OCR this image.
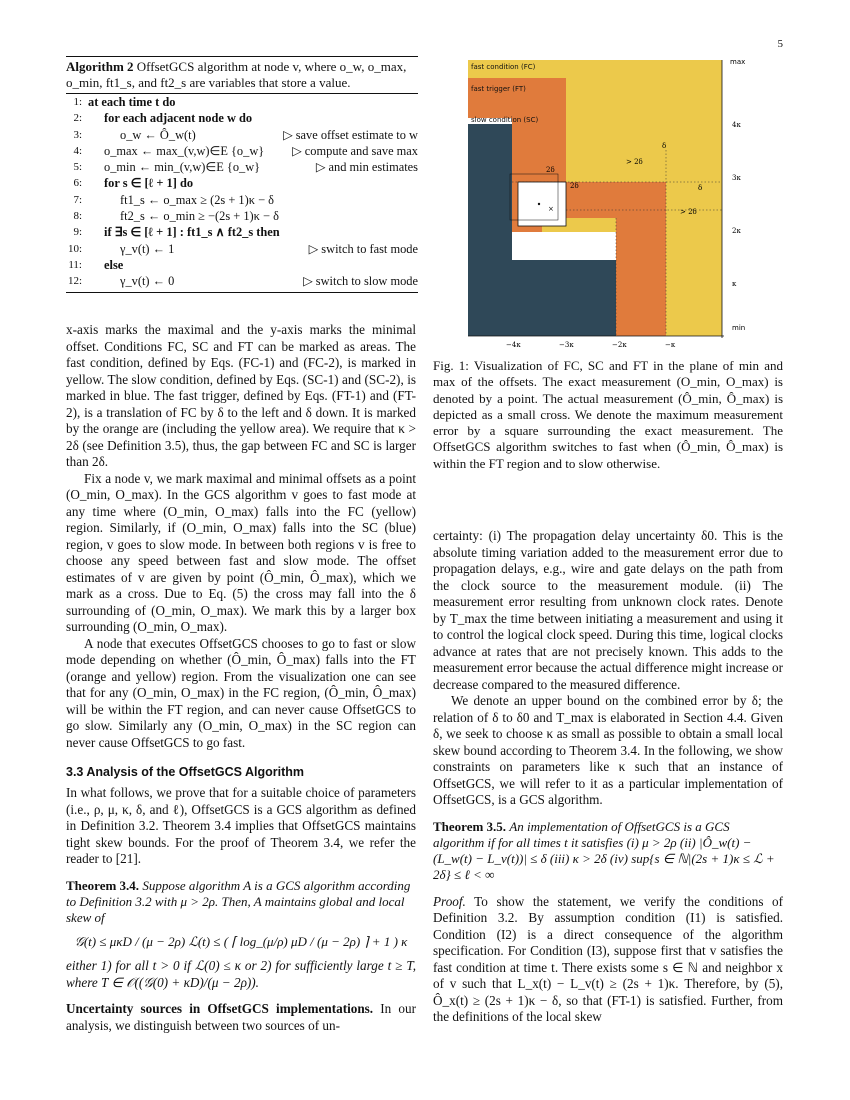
5
Algorithm 2 OffsetGCS algorithm at node v, where o_w, o_max, o_min, ft1_s, and ft2_s are variables that store a value.
1: at each time t do
2: for each adjacent node w do
3:	o_w ← Ô_w(t)	▷ save offset estimate to w
4: o_max ← max_(v,w)∈E {o_w} ▷ compute and save max
5: o_min ← min_(v,w)∈E {o_w}	▷ and min estimates
6: for s ∈ [ℓ + 1] do
7:	ft1_s ← o_max ≥ (2s + 1)κ − δ
8:	ft2_s ← o_min ≥ −(2s + 1)κ − δ
9: if ∃s ∈ [ℓ + 1] : ft1_s ∧ ft2_s then
10:	γ_v(t) ← 1	▷ switch to fast mode
11: else
12:	γ_v(t) ← 0	▷ switch to slow mode

x-axis marks the maximal and the y-axis marks the minimal offset. Conditions FC, SC and FT can be marked as areas. The fast condition, defined by Eqs. (FC-1) and (FC-2), is marked in yellow. The slow condition, defined by Eqs. (SC-1) and (SC-2), is marked in blue. The fast trigger, defined by Eqs. (FT-1) and (FT-2), is a translation of FC by δ to the left and δ down. It is marked by the orange are (including the yellow area). We require that κ > 2δ (see Definition 3.5), thus, the gap between FC and SC is larger than 2δ.

Fix a node v, we mark maximal and minimal offsets as a point (O_min, O_max). In the GCS algorithm v goes to fast mode at any time where (O_min, O_max) falls into the FC (yellow) region. Similarly, if (O_min, O_max) falls into the SC (blue) region, v goes to slow mode. In between both regions v is free to choose any speed between fast and slow mode. The offset estimates of v are given by point (Ô_min, Ô_max), which we mark as a cross. Due to Eq. (5) the cross may fall into the δ surrounding of (O_min, O_max). We mark this by a larger box surrounding (O_min, O_max).

A node that executes OffsetGCS chooses to go to fast or slow mode depending on whether (Ô_min, Ô_max) falls into the FT (orange and yellow) region. From the visualization one can see that for any (O_min, O_max) in the FC region, (Ô_min, Ô_max) will be within the FT region, and can never cause OffsetGCS to go slow. Similarly any (O_min, O_max) in the SC region can never cause OffsetGCS to go fast.

3.3 Analysis of the OffsetGCS Algorithm

In what follows, we prove that for a suitable choice of parameters (i.e., ρ, μ, κ, δ, and ℓ), OffsetGCS is a GCS algorithm as defined in Definition 3.2. Theorem 3.4 implies that OffsetGCS maintains tight skew bounds. For the proof of Theorem 3.4, we refer the reader to [21].

Theorem 3.4. Suppose algorithm A is a GCS algorithm according to Definition 3.2 with μ > 2ρ. Then, A maintains global and local skew of
𝒢(t) ≤ μκD / (μ − 2ρ) ℒ(t) ≤ ( ⌈ log_(μ/ρ) μD / (μ − 2ρ) ⌉ + 1 ) κ

either 1) for all t > 0 if ℒ(0) ≤ κ or 2) for sufficiently large t ≥ T, where T ∈ 𝒪((𝒢(0) + κD)/(μ − 2ρ)).

Uncertainty sources in OffsetGCS implementations. In our analysis, we distinguish between two sources of un-

×
fast condition (FC)
fast trigger (FT)
slow condition (SC)
max
min
4κ
3κ
2κ
κ
−4κ	−3κ	−2κ	−κ
δ
δ
2δ
2δ
> 2δ
> 2δ
Fig. 1: Visualization of FC, SC and FT in the plane of min and max of the offsets. The exact measurement (O_min, O_max) is denoted by a point. The actual measurement (Ô_min, Ô_max) is depicted as a small cross. We denote the maximum measurement error by a square surrounding the exact measurement. The OffsetGCS algorithm switches to fast when (Ô_min, Ô_max) is within the FT region and to slow otherwise.

certainty: (i) The propagation delay uncertainty δ0. This is the absolute timing variation added to the measurement error due to propagation delays, e.g., wire and gate delays on the path from the clock source to the measurement module. (ii) The measurement error resulting from unknown clock rates. Denote by T_max the time between initiating a measurement and using it to control the logical clock speed. During this time, logical clocks advance at rates that are not precisely known. This adds to the measurement error because the actual difference might increase or decrease compared to the measured difference.

We denote an upper bound on the combined error by δ; the relation of δ to δ0 and T_max is elaborated in Section 4.4. Given δ, we seek to choose κ as small as possible to obtain a small local skew bound according to Theorem 3.4. In the following, we show constraints on parameters like κ such that an instance of OffsetGCS, we will refer to it as a particular implementation of OffsetGCS, is a GCS algorithm.

Theorem 3.5. An implementation of OffsetGCS is a GCS algorithm if for all times t it satisfies (i) μ > 2ρ (ii) |Ô_w(t) − (L_w(t) − L_v(t))| ≤ δ (iii) κ > 2δ (iv) sup{s ∈ ℕ|(2s + 1)κ ≤ ℒ + 2δ} ≤ ℓ < ∞

Proof. To show the statement, we verify the conditions of Definition 3.2. By assumption condition (I1) is satisfied. Condition (I2) is a direct consequence of the algorithm specification. For Condition (I3), suppose first that v satisfies the fast condition at time t. There exists some s ∈ ℕ and neighbor x of v such that L_x(t) − L_v(t) ≥ (2s + 1)κ. Therefore, by (5), Ô_x(t) ≥ (2s + 1)κ − δ, so that (FT-1) is satisfied. Further, from the definitions of the local skew
